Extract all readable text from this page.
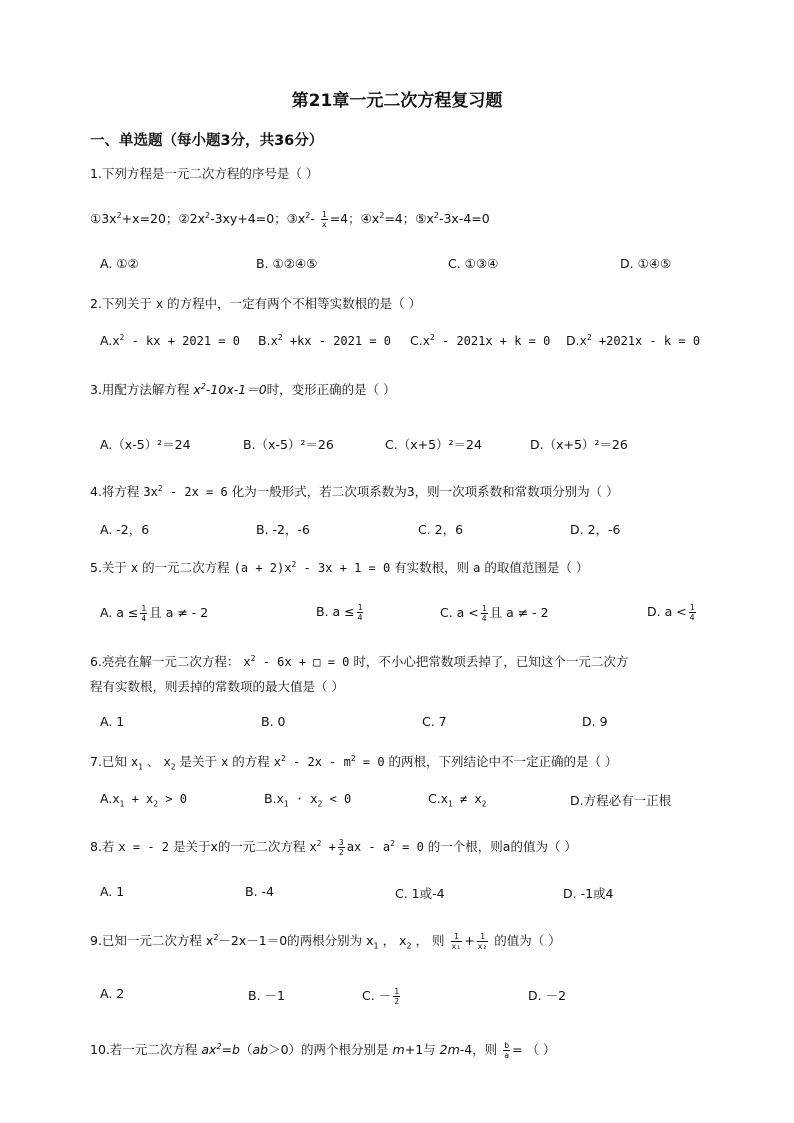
第21章一元二次方程复习题
一、单选题（每小题3分，共36分）
1.下列方程是一元二次方程的序号是（ ）
$①3x^2+x=20$；$②2x^2-3xy+4=0$；$③x^2- \frac{1}{x} =4$；$④x^2=4$；$⑤x^2-3x-4=0$
A. ①②	B. ①②④⑤	C. ①③④	D. ①④⑤
2.下列关于 x 的方程中，一定有两个不相等实数根的是（ ）
$A.x^2$ - kx + 2021 = 0 $B.x^2 +kx - 2021 = 0$ $C.x^2 - 2021x + k = 0$ $D.x^2 +2021x - k = 0$
3.用配方法解方程 $x^2-10x-1=0$时，变形正确的是（ ）
A.（x-5）²＝24	B.（x-5）²＝26	C.（x+5）²＝24	D.（x+5）²＝26
4.将方程 $3x^2 - 2x = 6$ 化为一般形式，若二次项系数为3，则一次项系数和常数项分别为（ ）
A. -2，6	B. -2，-6	C. 2，6	D. 2，-6
5.关于 x 的一元二次方程 $(a + 2)x^2 - 3x + 1 = 0$ 有实数根，则 a 的取值范围是（ ）
A. $a \le \frac{1}{4}$ 且 a ≠ - 2	B. $a \le \frac{1}{4}$	C. $a < \frac{1}{4}$ 且 a ≠ - 2	D. $a < \frac{1}{4}$
6.亮亮在解一元二次方程： $x^2 - 6x$ + □ = 0 时，不小心把常数项丢掉了，已知这个一元二次方
程有实数根，则丢掉的常数项的最大值是（ ）
A. 1	B. 0	C. 7	D. 9
7.已知 $x_1$ 、 $x_2$ 是关于 x 的方程 $x^2 - 2x - m^2 = 0$ 的两根，下列结论中不一定正确的是（ ）
$A.x_1 + x_2 > 0$	$B.x_1 \cdot x_2 < 0$	$C.x_1 \ne x_2$	D.方程必有一正根
8.若 x = - 2 是关于x的一元二次方程 $x^2 + \frac{3}{2}$ ax - $a^2 = 0$ 的一个根，则a的值为（ ）
A. 1	B. -4	C. 1或-4	D. -1或4
9.已知一元二次方程 $x^2-2x-1=0$的两根分别为 $x_1$ ， $x_2$ ， 则 $\frac{1}{\text{x₁}} + \frac{1}{\text{x₂}}$ 的值为（ ）
A. 2	B. －1	C. － $\frac{1}{2}$	D. －2
10.若一元二次方程 $ax^2=b(ab>0)$的两个根分别是 m+1与 2m-4，则 $\frac{b}{a}$ = （ ）
